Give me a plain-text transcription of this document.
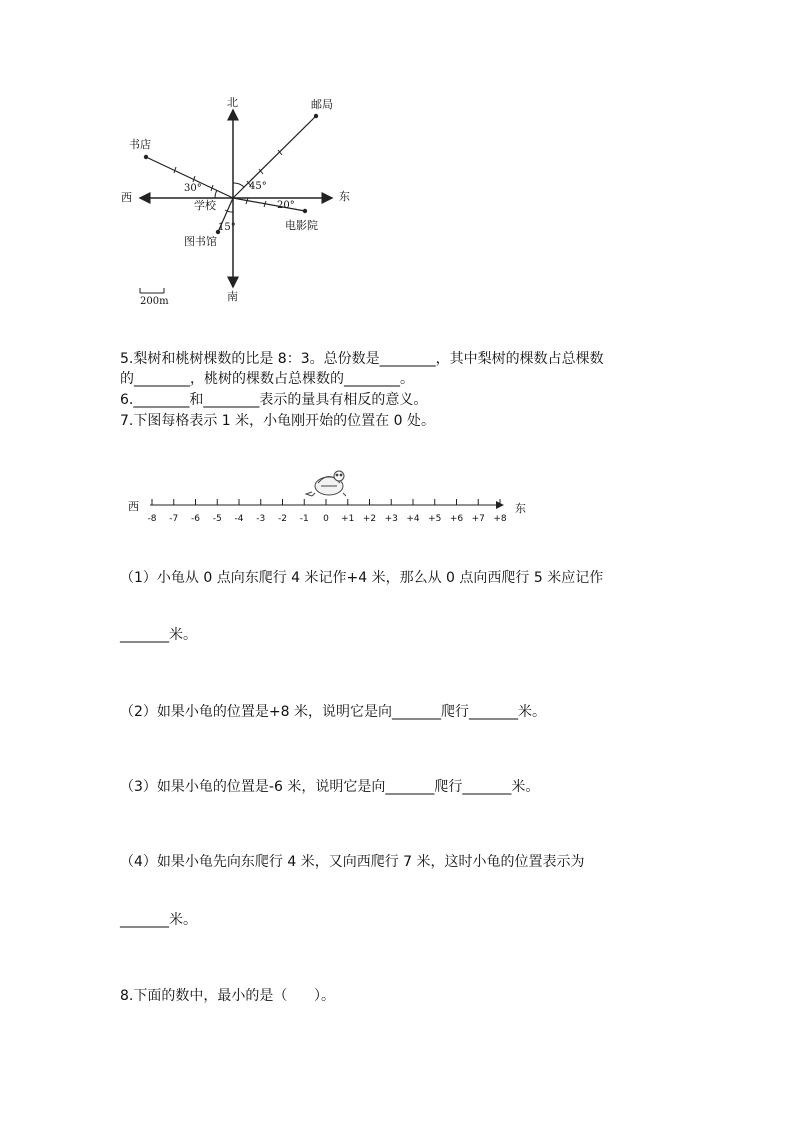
北
南
东
西
邮局
书店
学校
电影院
图书馆
30°	45°
20°
15°
200m
5.梨树和桃树棵数的比是 8：3。总份数是________，其中梨树的棵数占总棵数
的________，桃树的棵数占总棵数的________。
6.________和________表示的量具有相反的意义。
7.下图每格表示 1 米，小龟刚开始的位置在 0 处。
西	东
-8	-7	-6	-5	-4	-3	-2	-1	0	+1 +2 +3 +4 +5 +6 +7 +8
（1）小龟从 0 点向东爬行 4 米记作+4 米，那么从 0 点向西爬行 5 米应记作
_______米。
（2）如果小龟的位置是+8 米，说明它是向_______爬行_______米。
（3）如果小龟的位置是-6 米，说明它是向_______爬行_______米。
（4）如果小龟先向东爬行 4 米，又向西爬行 7 米，这时小龟的位置表示为
_______米。
8.下面的数中，最小的是（      ）。
